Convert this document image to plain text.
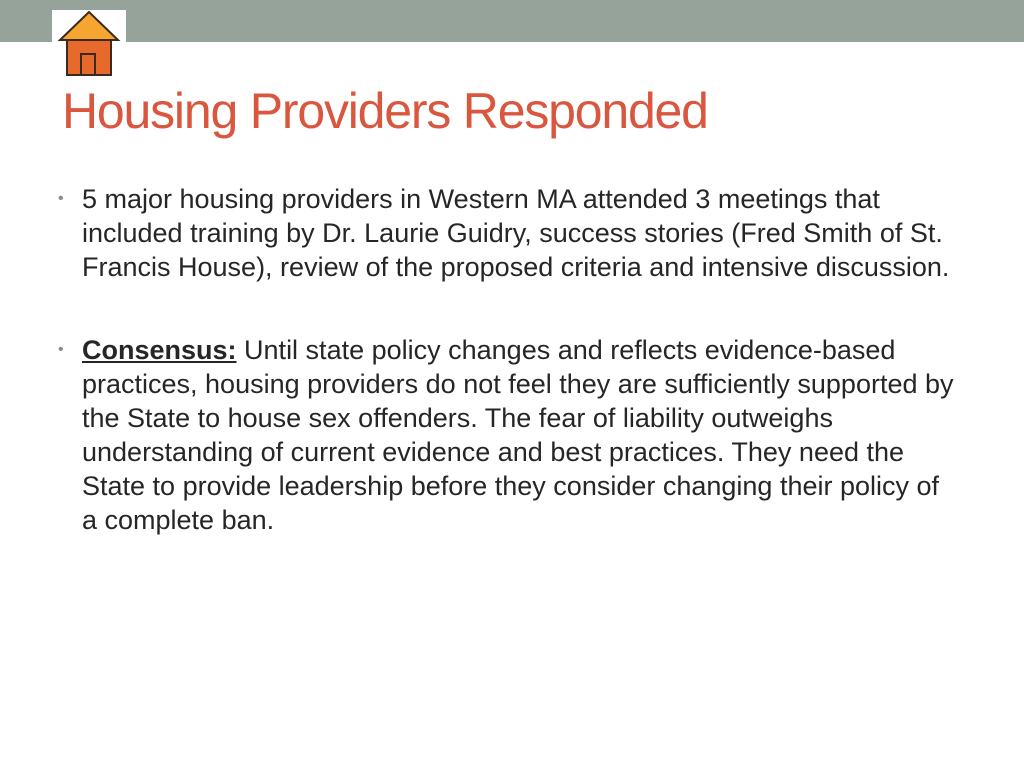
Housing Providers Responded
• 5 major housing providers in Western MA attended 3 meetings that included training by Dr. Laurie Guidry, success stories (Fred Smith of St. Francis House), review of the proposed criteria and intensive discussion.
• Consensus: Until state policy changes and reflects evidence-based practices, housing providers do not feel they are sufficiently supported by the State to house sex offenders. The fear of liability outweighs understanding of current evidence and best practices. They need the State to provide leadership before they consider changing their policy of a complete ban.
